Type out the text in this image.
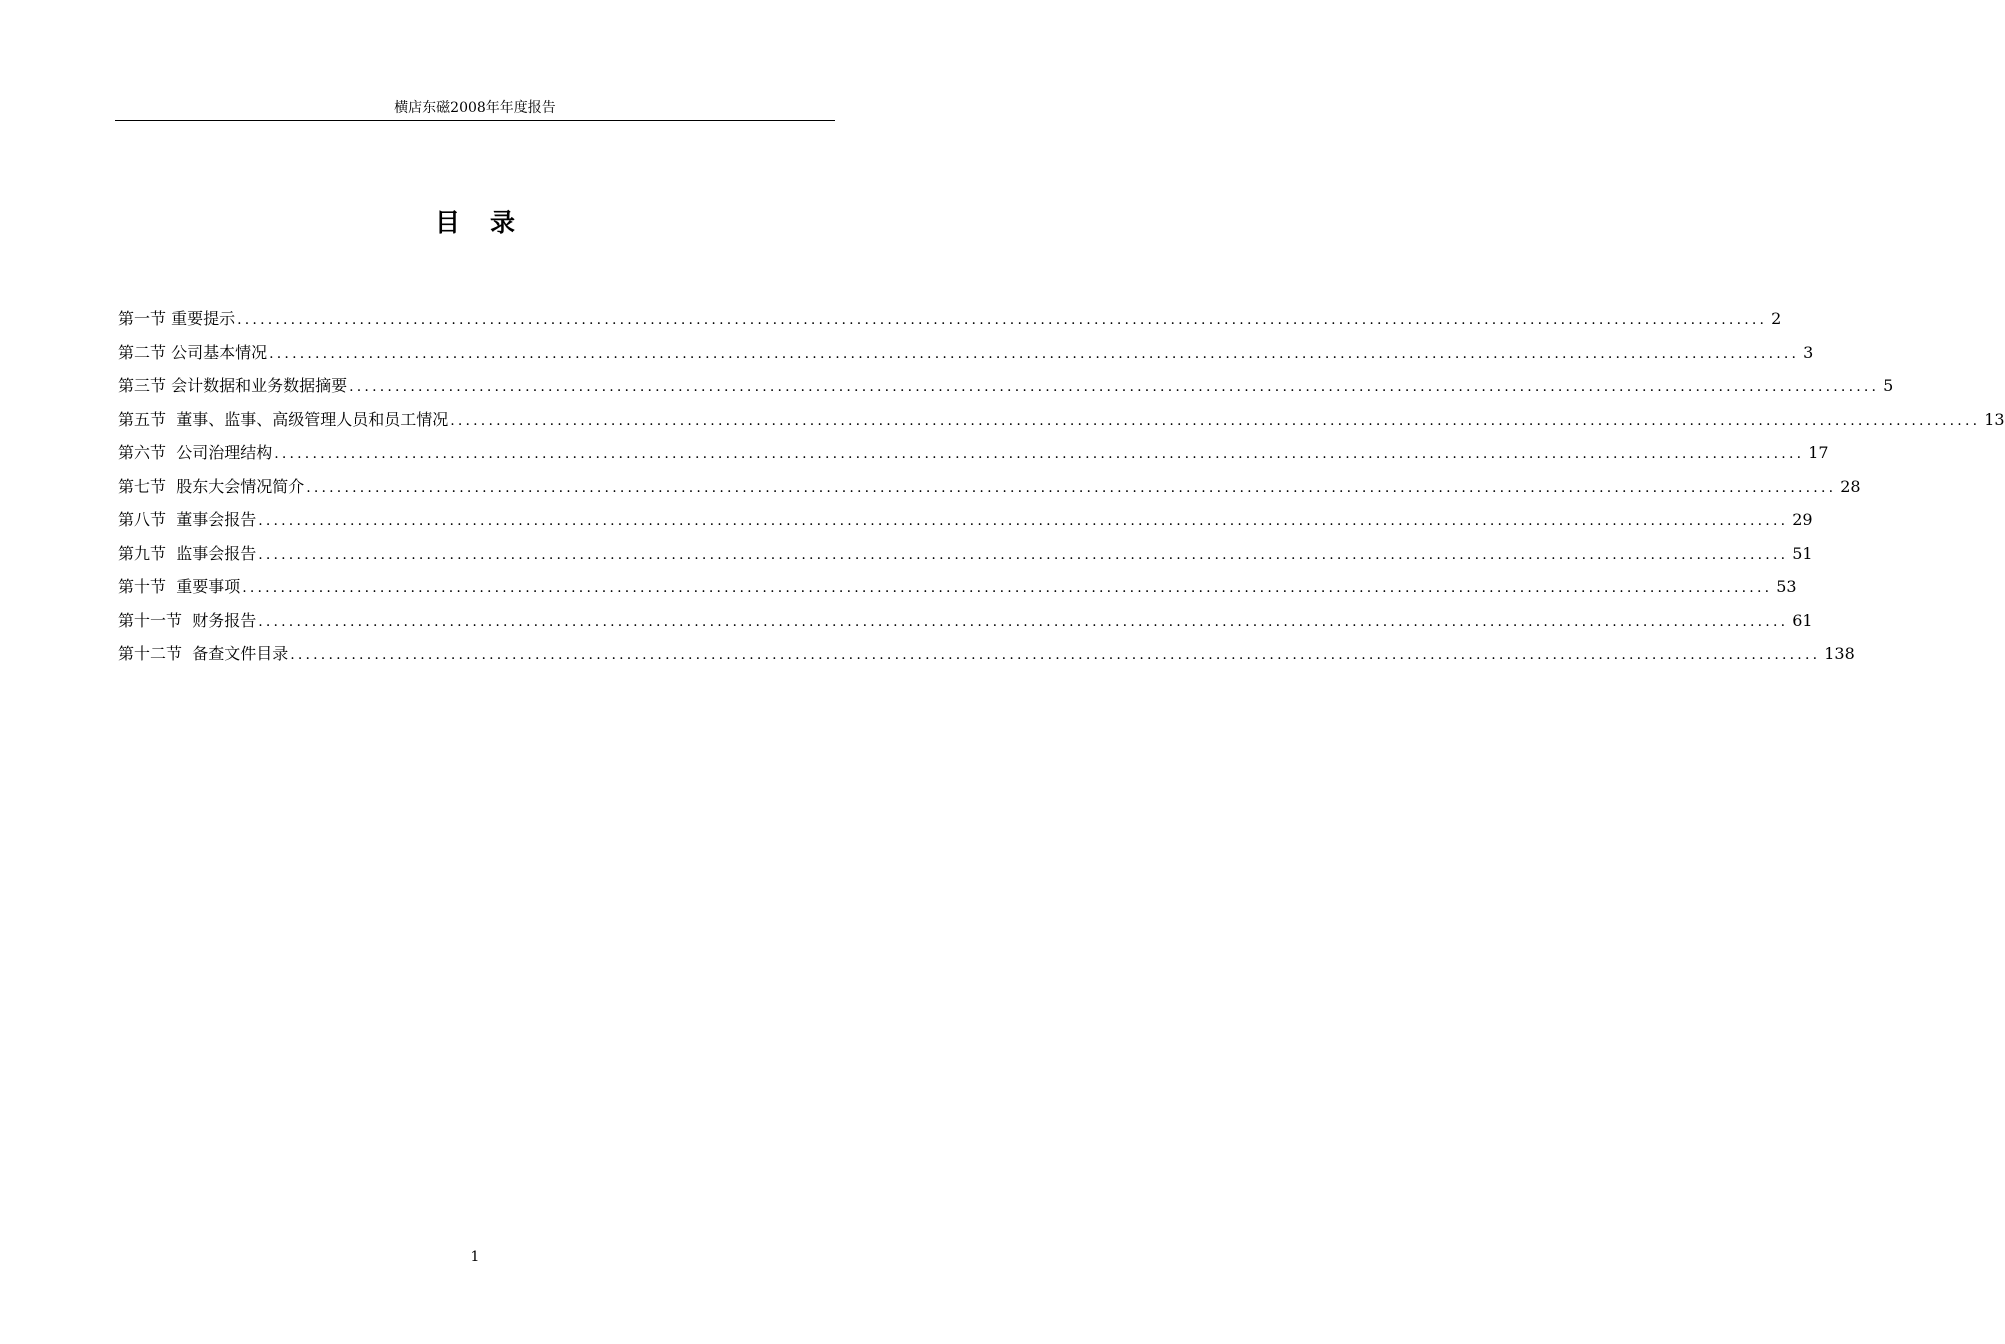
横店东磁2008年年度报告
目 录
第一节
重要提示 ........................................................................................................................................................................................................ 2
第二节
公司基本情况 ........................................................................................................................................................................................................ 3
第三节
会计数据和业务数据摘要 ........................................................................................................................................................................................................ 5
第五节
董事、监事、高级管理人员和员工情况 ........................................................................................................................................................................................................ 13
第六节
公司治理结构 ........................................................................................................................................................................................................ 17
第七节
股东大会情况简介 ........................................................................................................................................................................................................ 28
第八节
董事会报告 ........................................................................................................................................................................................................ 29
第九节
监事会报告 ........................................................................................................................................................................................................ 51
第十节
重要事项 ........................................................................................................................................................................................................ 53
第十一节
财务报告 ........................................................................................................................................................................................................ 61
第十二节
备查文件目录 ........................................................................................................................................................................................................ 138
1
